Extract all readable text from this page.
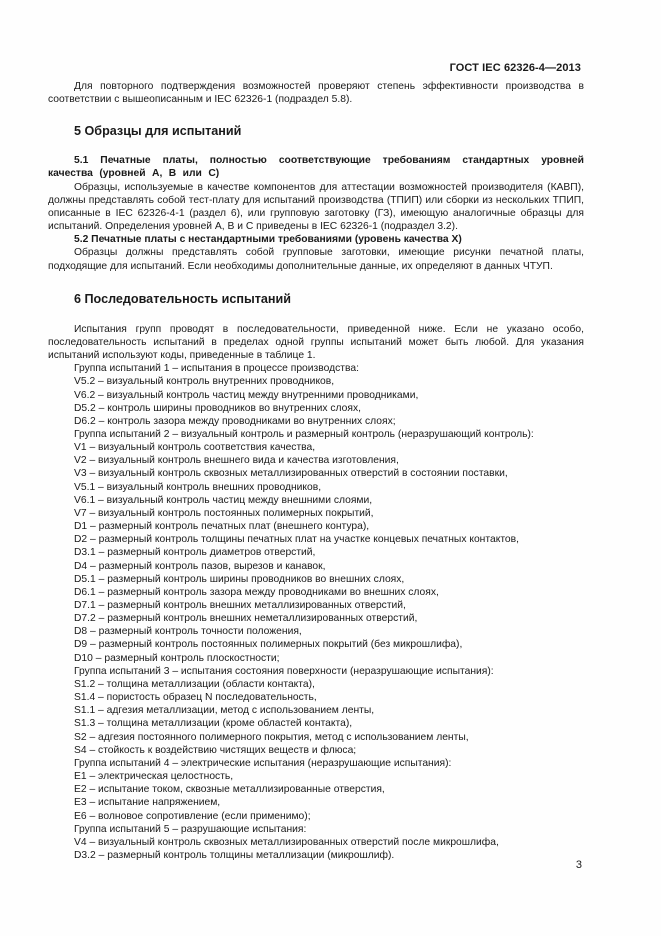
ГОСТ IEC 62326-4—2013

Для повторного подтверждения возможностей проверяют степень эффективности производства в соответствии с вышеописанным и IEC 62326-1 (подраздел 5.8).

5 Образцы для испытаний

5.1 Печатные платы, полностью соответствующие требованиям стандартных уровней качества (уровней A, B или C)

Образцы, используемые в качестве компонентов для аттестации возможностей производителя (КАВП), должны представлять собой тест-плату для испытаний производства (ТПИП) или сборки из нескольких ТПИП, описанные в IEC 62326-4-1 (раздел 6), или групповую заготовку (ГЗ), имеющую аналогичные образцы для испытаний. Определения уровней А, В и С приведены в IEC 62326-1 (подраздел 3.2).

5.2 Печатные платы с нестандартными требованиями (уровень качества X)

Образцы должны представлять собой групповые заготовки, имеющие рисунки печатной платы, подходящие для испытаний. Если необходимы дополнительные данные, их определяют в данных ЧТУП.

6 Последовательность испытаний

Испытания групп проводят в последовательности, приведенной ниже. Если не указано особо, последовательность испытаний в пределах одной группы испытаний может быть любой. Для указания испытаний используют коды, приведенные в таблице 1.

Группа испытаний 1 – испытания в процессе производства:

V5.2 – визуальный контроль внутренних проводников,

V6.2 – визуальный контроль частиц между внутренними проводниками,

D5.2 – контроль ширины проводников во внутренних слоях,

D6.2 – контроль зазора между проводниками во внутренних слоях;

Группа испытаний 2 – визуальный контроль и размерный контроль (неразрушающий контроль):

V1 – визуальный контроль соответствия качества,

V2 – визуальный контроль внешнего вида и качества изготовления,

V3 – визуальный контроль сквозных металлизированных отверстий в состоянии поставки,

V5.1 – визуальный контроль внешних проводников,

V6.1 – визуальный контроль частиц между внешними слоями,

V7 – визуальный контроль постоянных полимерных покрытий,

D1 – размерный контроль печатных плат (внешнего контура),

D2 – размерный контроль толщины печатных плат на участке концевых печатных контактов,

D3.1 – размерный контроль диаметров отверстий,

D4 – размерный контроль пазов, вырезов и канавок,

D5.1 – размерный контроль ширины проводников во внешних слоях,

D6.1 – размерный контроль зазора между проводниками во внешних слоях,

D7.1 – размерный контроль внешних металлизированных отверстий,

D7.2 – размерный контроль внешних неметаллизированных отверстий,

D8 – размерный контроль точности положения,

D9 – размерный контроль постоянных полимерных покрытий (без микрошлифа),

D10 – размерный контроль плоскостности;

Группа испытаний 3 – испытания состояния поверхности (неразрушающие испытания):

S1.2 – толщина металлизации (области контакта),

S1.4 – пористость образец N последовательность,

S1.1 – адгезия металлизации, метод с использованием ленты,

S1.3 – толщина металлизации (кроме областей контакта),

S2 – адгезия постоянного полимерного покрытия, метод с использованием ленты,

S4 – стойкость к воздействию чистящих веществ и флюса;

Группа испытаний 4 – электрические испытания (неразрушающие испытания):

E1 – электрическая целостность,

E2 – испытание током, сквозные металлизированные отверстия,

E3 – испытание напряжением,

E6 – волновое сопротивление (если применимо);

Группа испытаний 5 – разрушающие испытания:

V4 – визуальный контроль сквозных металлизированных отверстий после микрошлифа,

D3.2 – размерный контроль толщины металлизации (микрошлиф).

3
